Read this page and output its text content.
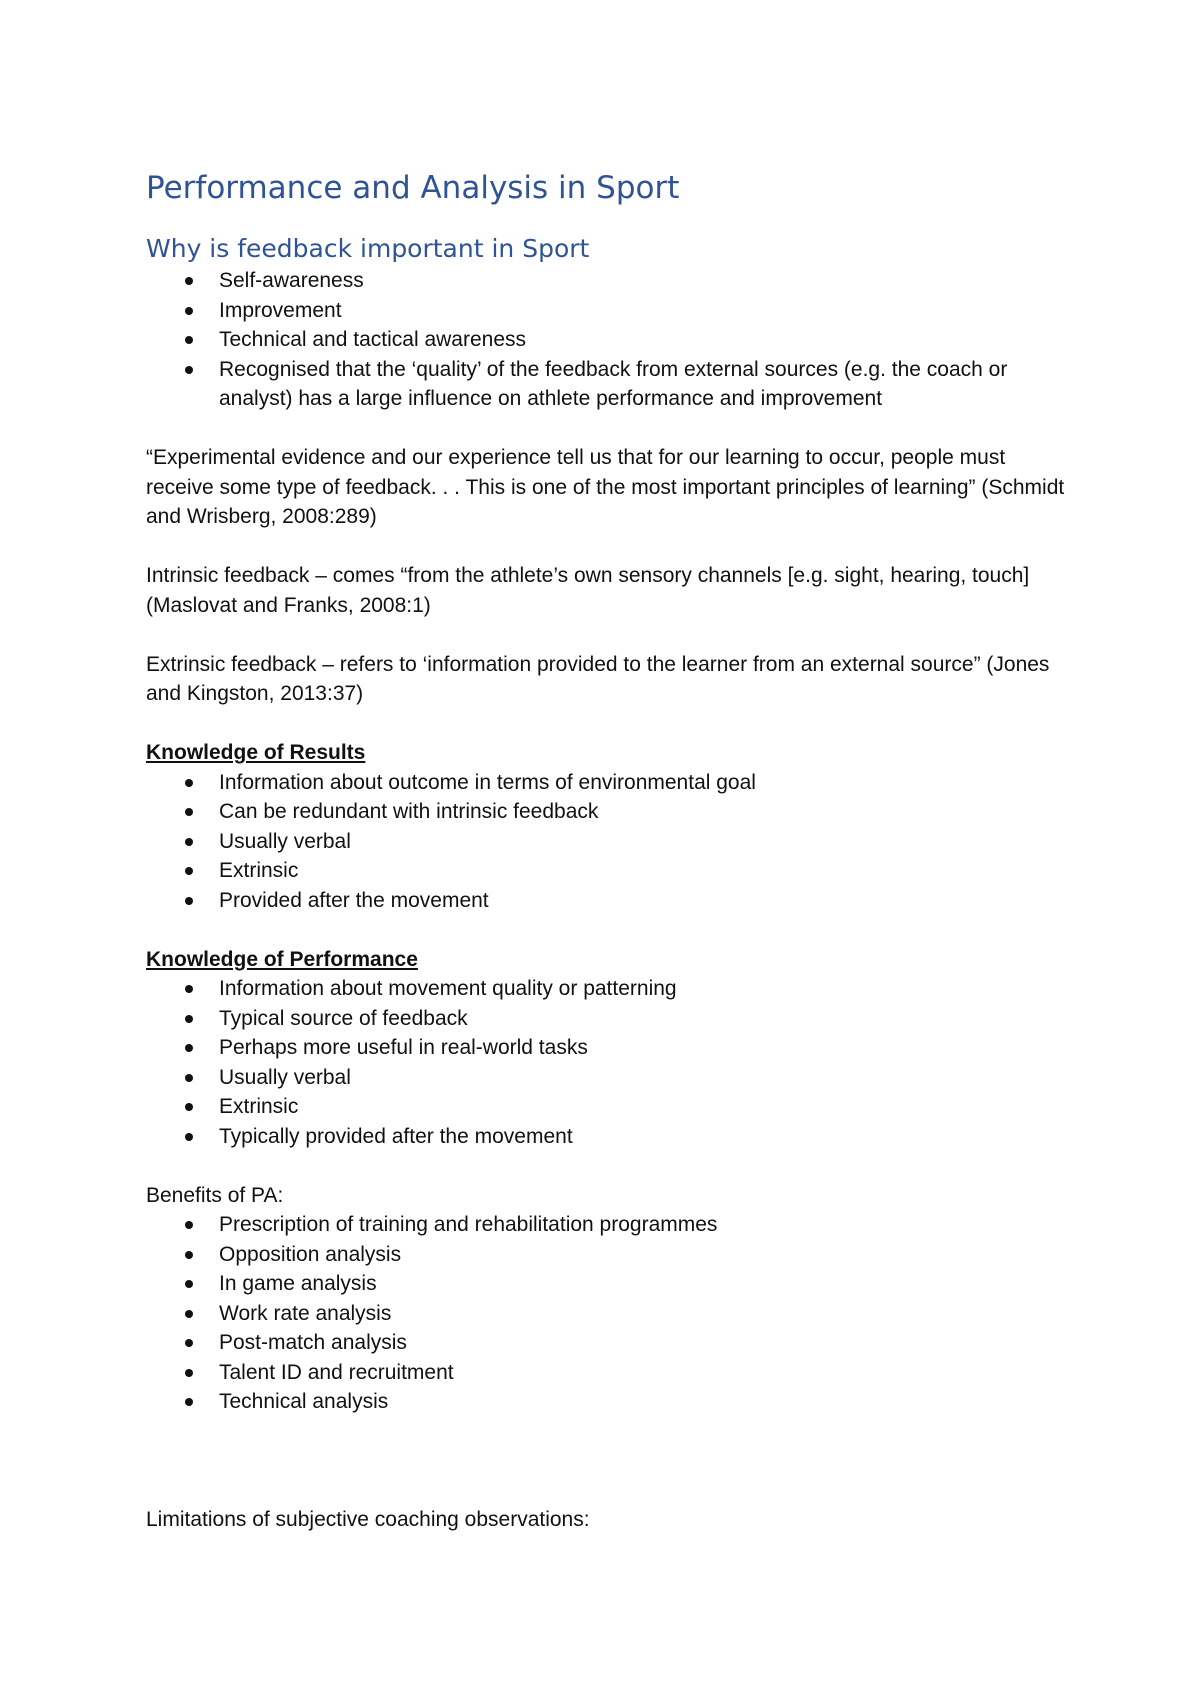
Performance and Analysis in Sport
Why is feedback important in Sport
Self-awareness
Improvement
Technical and tactical awareness
Recognised that the ‘quality’ of the feedback from external sources (e.g. the coach or analyst) has a large influence on athlete performance and improvement

“Experimental evidence and our experience tell us that for our learning to occur, people must receive some type of feedback. . . This is one of the most important principles of learning” (Schmidt and Wrisberg, 2008:289)

Intrinsic feedback – comes “from the athlete’s own sensory channels [e.g. sight, hearing, touch] (Maslovat and Franks, 2008:1)

Extrinsic feedback – refers to ‘information provided to the learner from an external source” (Jones and Kingston, 2013:37)

Knowledge of Results

Information about outcome in terms of environmental goal
Can be redundant with intrinsic feedback
Usually verbal
Extrinsic
Provided after the movement

Knowledge of Performance

Information about movement quality or patterning
Typical source of feedback
Perhaps more useful in real-world tasks
Usually verbal
Extrinsic
Typically provided after the movement

Benefits of PA:

Prescription of training and rehabilitation programmes
Opposition analysis
In game analysis
Work rate analysis
Post-match analysis
Talent ID and recruitment
Technical analysis

Limitations of subjective coaching observations:
